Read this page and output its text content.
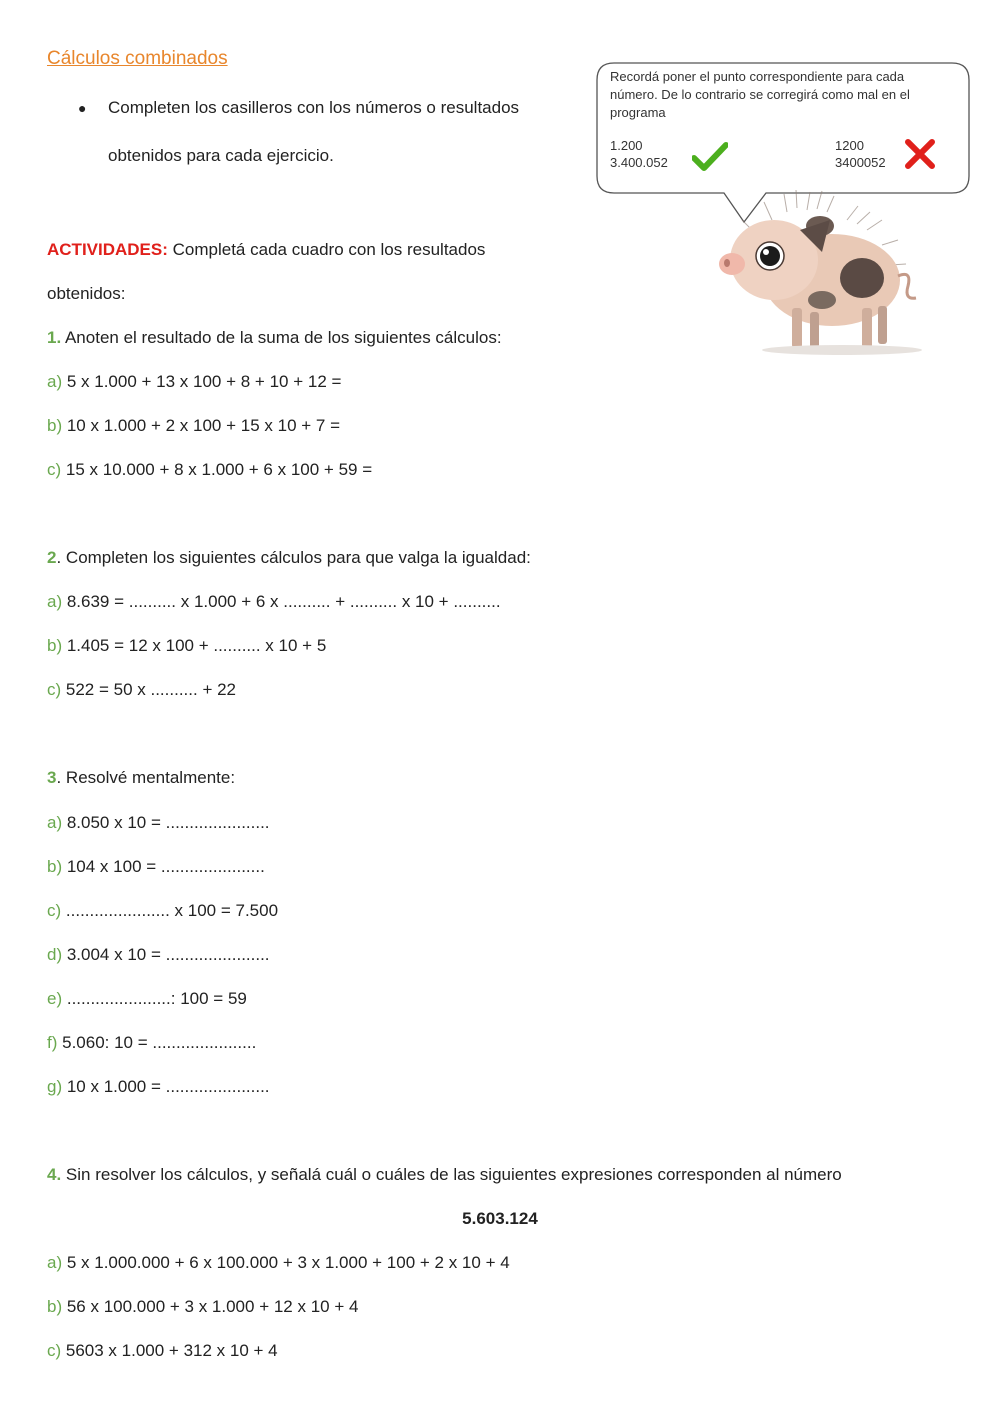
Cálculos combinados
● Completen los casilleros con los números o resultados
obtenidos para cada ejercicio.
Recordá poner el punto correspondiente para cada
número. De lo contrario se corregirá como mal en el
programa
1.200
3.400.052
1200
3400052
ACTIVIDADES: Completá cada cuadro con los resultados
obtenidos:
1. Anoten el resultado de la suma de los siguientes cálculos:
a) 5 x 1.000 + 13 x 100 + 8 + 10 + 12 =
b) 10 x 1.000 + 2 x 100 + 15 x 10 + 7 =
c) 15 x 10.000 + 8 x 1.000 + 6 x 100 + 59 =
2. Completen los siguientes cálculos para que valga la igualdad:
a) 8.639 = .......... x 1.000 + 6 x .......... + .......... x 10 + ..........
b) 1.405 = 12 x 100 + .......... x 10 + 5
c) 522 = 50 x .......... + 22
3. Resolvé mentalmente:
a) 8.050 x 10 = ......................
b) 104 x 100 = ......................
c) ...................... x 100 = 7.500
d) 3.004 x 10 = ......................
e) ......................: 100 = 59
f) 5.060: 10 = ......................
g) 10 x 1.000 = ......................
4. Sin resolver los cálculos, y señalá cuál o cuáles de las siguientes expresiones corresponden al número
5.603.124
a) 5 x 1.000.000 + 6 x 100.000 + 3 x 1.000 + 100 + 2 x 10 + 4
b) 56 x 100.000 + 3 x 1.000 + 12 x 10 + 4
c) 5603 x 1.000 + 312 x 10 + 4
